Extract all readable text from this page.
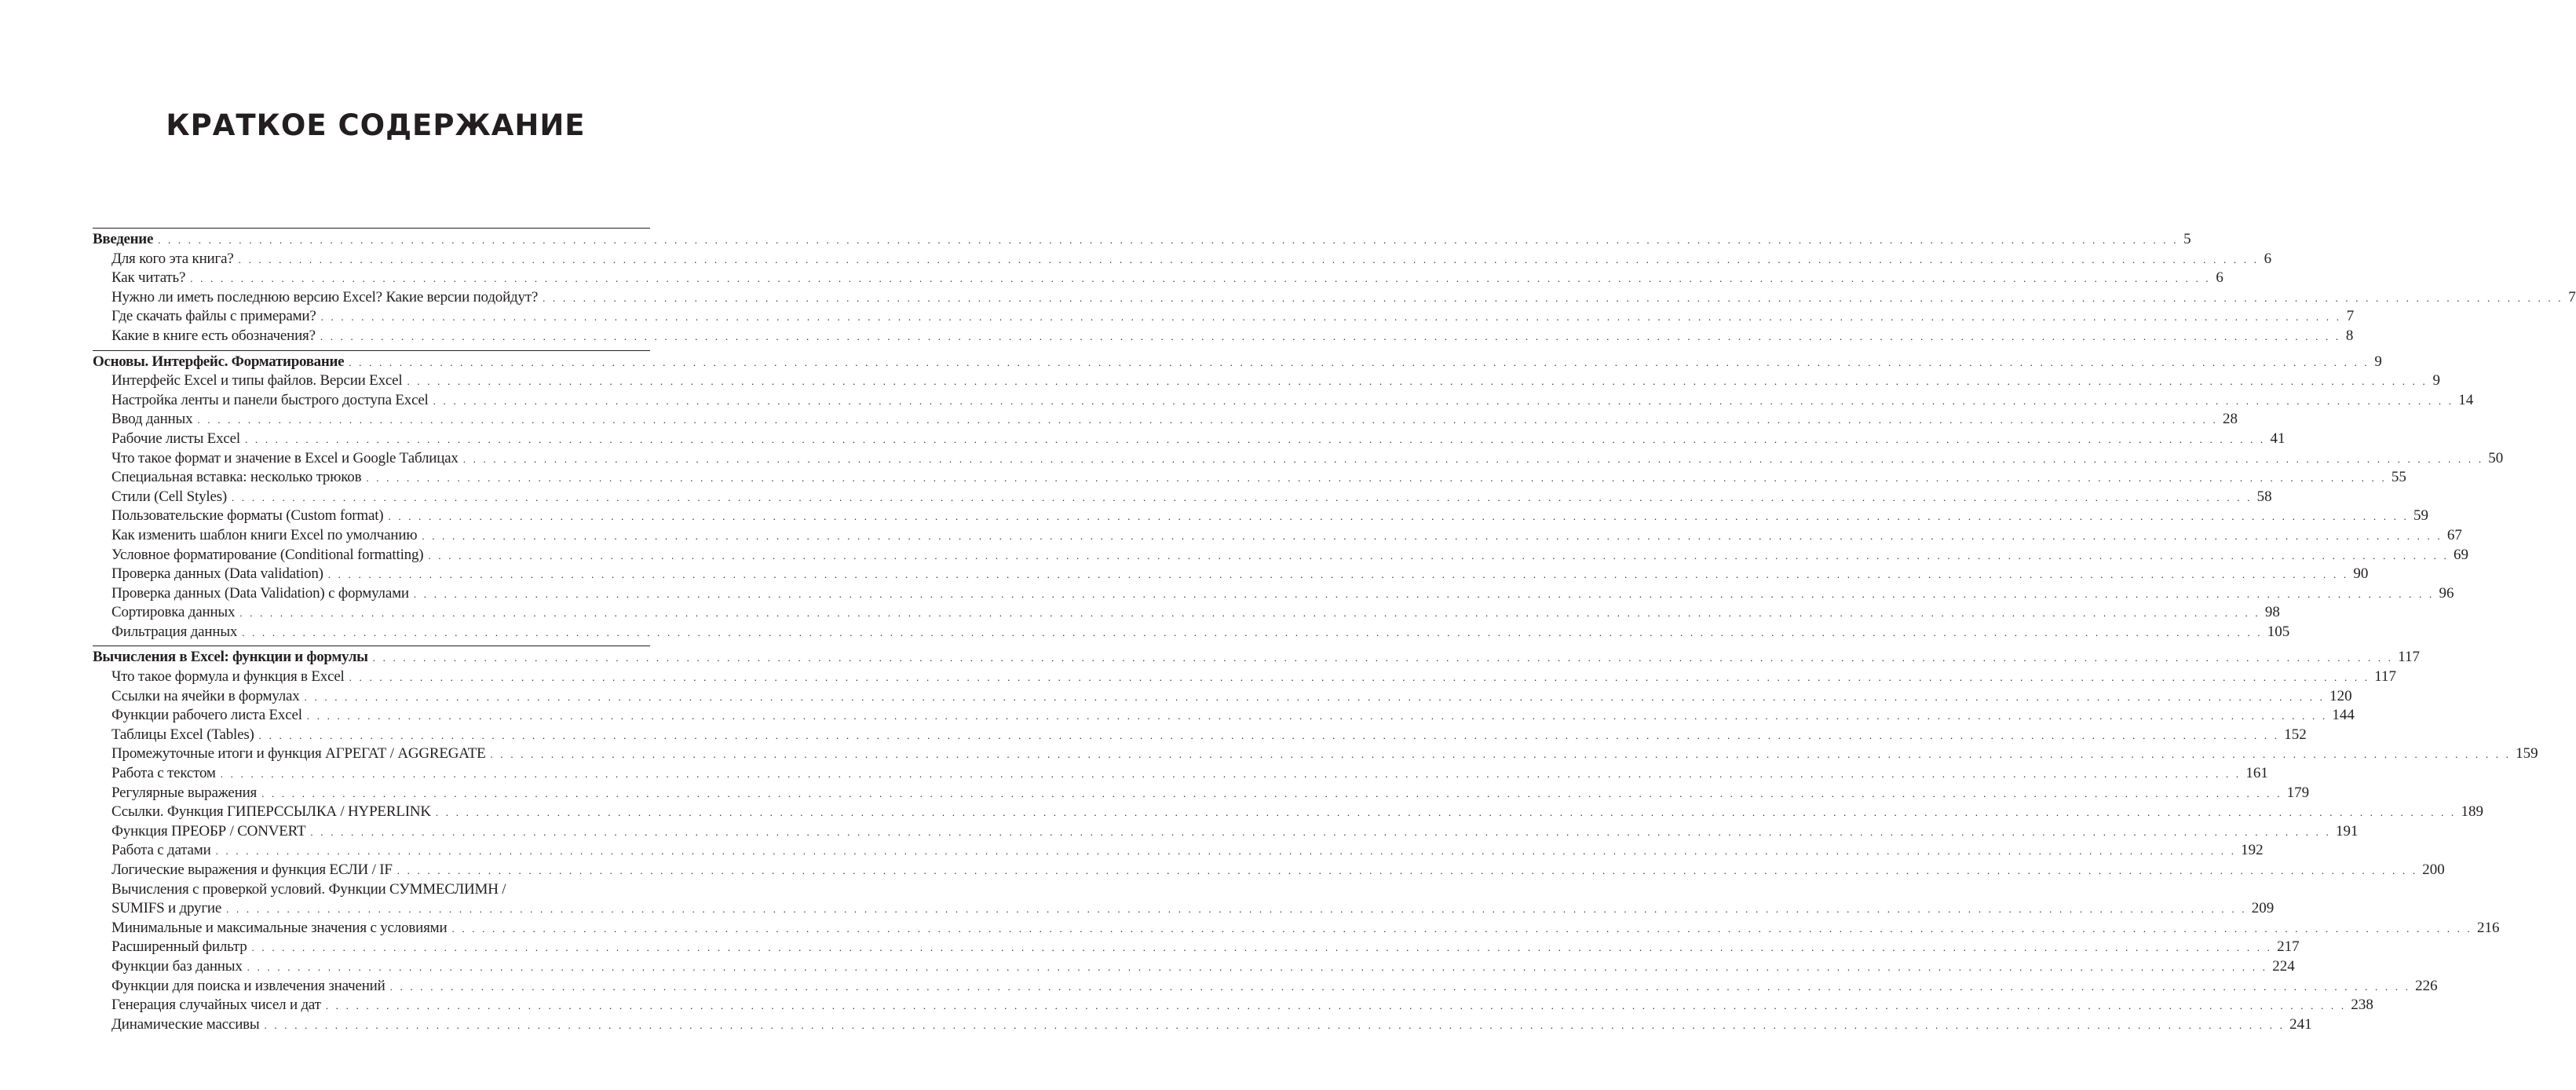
КРАТКОЕ СОДЕРЖАНИЕ
Введение . . . . . . . . . . . . . . . . . . . . . . . . . . . . . . . . . . . . . . . . . . . . . . . . . . . . . . . . . . . . . . . . . . . . . . . . . . . . . . . . . . . . . . . . . . . . . . . . . . . . . . . . . . . . . . . . . . . . . . . . . . . . . . . . . . . . . . . . . . . . . . . . . . . . . . . . . . . . . . . . . . . . . . . . . . . . . . . . . . . . . . . . . . . . . . . . . . . . . . . . 5
Для кого эта книга? . . . . . . . . . . . . . . . . . . . . . . . . . . . . . . . . . . . . . . . . . . . . . . . . . . . . . . . . . . . . . . . . . . . . . . . . . . . . . . . . . . . . . . . . . . . . . . . . . . . . . . . . . . . . . . . . . . . . . . . . . . . . . . . . . . . . . . . . . . . . . . . . . . . . . . . . . . . . . . . . . . . . . . . . . . . . . . . . . . . . . . . . . . . . . . . . . . . . . . . . 6
Как читать? . . . . . . . . . . . . . . . . . . . . . . . . . . . . . . . . . . . . . . . . . . . . . . . . . . . . . . . . . . . . . . . . . . . . . . . . . . . . . . . . . . . . . . . . . . . . . . . . . . . . . . . . . . . . . . . . . . . . . . . . . . . . . . . . . . . . . . . . . . . . . . . . . . . . . . . . . . . . . . . . . . . . . . . . . . . . . . . . . . . . . . . . . . . . . . . . . . . . . . . . 6
Нужно ли иметь последнюю версию Excel? Какие версии подойдут? . . . . . . . . . . . . . . . . . . . . . . . . . . . . . . . . . . . . . . . . . . . . . . . . . . . . . . . . . . . . . . . . . . . . . . . . . . . . . . . . . . . . . . . . . . . . . . . . . . . . . . . . . . . . . . . . . . . . . . . . . . . . . . . . . . . . . . . . . . . . . . . . . . . . . . . . . . . . . . . . . . . . . . . . . . . . . . . . . . . . . . . . . . . . . . . . . . . . . . . . 7
Где скачать файлы с примерами? . . . . . . . . . . . . . . . . . . . . . . . . . . . . . . . . . . . . . . . . . . . . . . . . . . . . . . . . . . . . . . . . . . . . . . . . . . . . . . . . . . . . . . . . . . . . . . . . . . . . . . . . . . . . . . . . . . . . . . . . . . . . . . . . . . . . . . . . . . . . . . . . . . . . . . . . . . . . . . . . . . . . . . . . . . . . . . . . . . . . . . . . . . . . . . . . . . . . . . . . 7
Какие в книге есть обозначения? . . . . . . . . . . . . . . . . . . . . . . . . . . . . . . . . . . . . . . . . . . . . . . . . . . . . . . . . . . . . . . . . . . . . . . . . . . . . . . . . . . . . . . . . . . . . . . . . . . . . . . . . . . . . . . . . . . . . . . . . . . . . . . . . . . . . . . . . . . . . . . . . . . . . . . . . . . . . . . . . . . . . . . . . . . . . . . . . . . . . . . . . . . . . . . . . . . . . . . . . 8
Основы. Интерфейс. Форматирование . . . . . . . . . . . . . . . . . . . . . . . . . . . . . . . . . . . . . . . . . . . . . . . . . . . . . . . . . . . . . . . . . . . . . . . . . . . . . . . . . . . . . . . . . . . . . . . . . . . . . . . . . . . . . . . . . . . . . . . . . . . . . . . . . . . . . . . . . . . . . . . . . . . . . . . . . . . . . . . . . . . . . . . . . . . . . . . . . . . . . . . . . . . . . . . . . . . . . . . . 9
Интерфейс Excel и типы файлов. Версии Excel . . . . . . . . . . . . . . . . . . . . . . . . . . . . . . . . . . . . . . . . . . . . . . . . . . . . . . . . . . . . . . . . . . . . . . . . . . . . . . . . . . . . . . . . . . . . . . . . . . . . . . . . . . . . . . . . . . . . . . . . . . . . . . . . . . . . . . . . . . . . . . . . . . . . . . . . . . . . . . . . . . . . . . . . . . . . . . . . . . . . . . . . . . . . . . . . . . . . . . . . 9
Настройка ленты и панели быстрого доступа Excel . . . . . . . . . . . . . . . . . . . . . . . . . . . . . . . . . . . . . . . . . . . . . . . . . . . . . . . . . . . . . . . . . . . . . . . . . . . . . . . . . . . . . . . . . . . . . . . . . . . . . . . . . . . . . . . . . . . . . . . . . . . . . . . . . . . . . . . . . . . . . . . . . . . . . . . . . . . . . . . . . . . . . . . . . . . . . . . . . . . . . . . . . . . . . . . . . . . . . . . . 14
Ввод данных . . . . . . . . . . . . . . . . . . . . . . . . . . . . . . . . . . . . . . . . . . . . . . . . . . . . . . . . . . . . . . . . . . . . . . . . . . . . . . . . . . . . . . . . . . . . . . . . . . . . . . . . . . . . . . . . . . . . . . . . . . . . . . . . . . . . . . . . . . . . . . . . . . . . . . . . . . . . . . . . . . . . . . . . . . . . . . . . . . . . . . . . . . . . . . . . . . . . . . . . 28
Рабочие листы Excel . . . . . . . . . . . . . . . . . . . . . . . . . . . . . . . . . . . . . . . . . . . . . . . . . . . . . . . . . . . . . . . . . . . . . . . . . . . . . . . . . . . . . . . . . . . . . . . . . . . . . . . . . . . . . . . . . . . . . . . . . . . . . . . . . . . . . . . . . . . . . . . . . . . . . . . . . . . . . . . . . . . . . . . . . . . . . . . . . . . . . . . . . . . . . . . . . . . . . . . . 41
Что такое формат и значение в Excel и Google Таблицах . . . . . . . . . . . . . . . . . . . . . . . . . . . . . . . . . . . . . . . . . . . . . . . . . . . . . . . . . . . . . . . . . . . . . . . . . . . . . . . . . . . . . . . . . . . . . . . . . . . . . . . . . . . . . . . . . . . . . . . . . . . . . . . . . . . . . . . . . . . . . . . . . . . . . . . . . . . . . . . . . . . . . . . . . . . . . . . . . . . . . . . . . . . . . . . . . . . . . . . . 50
Специальная вставка: несколько трюков . . . . . . . . . . . . . . . . . . . . . . . . . . . . . . . . . . . . . . . . . . . . . . . . . . . . . . . . . . . . . . . . . . . . . . . . . . . . . . . . . . . . . . . . . . . . . . . . . . . . . . . . . . . . . . . . . . . . . . . . . . . . . . . . . . . . . . . . . . . . . . . . . . . . . . . . . . . . . . . . . . . . . . . . . . . . . . . . . . . . . . . . . . . . . . . . . . . . . . . . 55
Стили (Cell Styles) . . . . . . . . . . . . . . . . . . . . . . . . . . . . . . . . . . . . . . . . . . . . . . . . . . . . . . . . . . . . . . . . . . . . . . . . . . . . . . . . . . . . . . . . . . . . . . . . . . . . . . . . . . . . . . . . . . . . . . . . . . . . . . . . . . . . . . . . . . . . . . . . . . . . . . . . . . . . . . . . . . . . . . . . . . . . . . . . . . . . . . . . . . . . . . . . . . . . . . . . 58
Пользовательские форматы (Custom format) . . . . . . . . . . . . . . . . . . . . . . . . . . . . . . . . . . . . . . . . . . . . . . . . . . . . . . . . . . . . . . . . . . . . . . . . . . . . . . . . . . . . . . . . . . . . . . . . . . . . . . . . . . . . . . . . . . . . . . . . . . . . . . . . . . . . . . . . . . . . . . . . . . . . . . . . . . . . . . . . . . . . . . . . . . . . . . . . . . . . . . . . . . . . . . . . . . . . . . . . 59
Как изменить шаблон книги Excel по умолчанию . . . . . . . . . . . . . . . . . . . . . . . . . . . . . . . . . . . . . . . . . . . . . . . . . . . . . . . . . . . . . . . . . . . . . . . . . . . . . . . . . . . . . . . . . . . . . . . . . . . . . . . . . . . . . . . . . . . . . . . . . . . . . . . . . . . . . . . . . . . . . . . . . . . . . . . . . . . . . . . . . . . . . . . . . . . . . . . . . . . . . . . . . . . . . . . . . . . . . . . . 67
Условное форматирование (Conditional formatting) . . . . . . . . . . . . . . . . . . . . . . . . . . . . . . . . . . . . . . . . . . . . . . . . . . . . . . . . . . . . . . . . . . . . . . . . . . . . . . . . . . . . . . . . . . . . . . . . . . . . . . . . . . . . . . . . . . . . . . . . . . . . . . . . . . . . . . . . . . . . . . . . . . . . . . . . . . . . . . . . . . . . . . . . . . . . . . . . . . . . . . . . . . . . . . . . . . . . . . . . 69
Проверка данных (Data validation) . . . . . . . . . . . . . . . . . . . . . . . . . . . . . . . . . . . . . . . . . . . . . . . . . . . . . . . . . . . . . . . . . . . . . . . . . . . . . . . . . . . . . . . . . . . . . . . . . . . . . . . . . . . . . . . . . . . . . . . . . . . . . . . . . . . . . . . . . . . . . . . . . . . . . . . . . . . . . . . . . . . . . . . . . . . . . . . . . . . . . . . . . . . . . . . . . . . . . . . . 90
Проверка данных (Data Validation) с формулами . . . . . . . . . . . . . . . . . . . . . . . . . . . . . . . . . . . . . . . . . . . . . . . . . . . . . . . . . . . . . . . . . . . . . . . . . . . . . . . . . . . . . . . . . . . . . . . . . . . . . . . . . . . . . . . . . . . . . . . . . . . . . . . . . . . . . . . . . . . . . . . . . . . . . . . . . . . . . . . . . . . . . . . . . . . . . . . . . . . . . . . . . . . . . . . . . . . . . . . . 96
Сортировка данных . . . . . . . . . . . . . . . . . . . . . . . . . . . . . . . . . . . . . . . . . . . . . . . . . . . . . . . . . . . . . . . . . . . . . . . . . . . . . . . . . . . . . . . . . . . . . . . . . . . . . . . . . . . . . . . . . . . . . . . . . . . . . . . . . . . . . . . . . . . . . . . . . . . . . . . . . . . . . . . . . . . . . . . . . . . . . . . . . . . . . . . . . . . . . . . . . . . . . . . . 98
Фильтрация данных . . . . . . . . . . . . . . . . . . . . . . . . . . . . . . . . . . . . . . . . . . . . . . . . . . . . . . . . . . . . . . . . . . . . . . . . . . . . . . . . . . . . . . . . . . . . . . . . . . . . . . . . . . . . . . . . . . . . . . . . . . . . . . . . . . . . . . . . . . . . . . . . . . . . . . . . . . . . . . . . . . . . . . . . . . . . . . . . . . . . . . . . . . . . . . . . . . . . . . . . 105
Вычисления в Excel: функции и формулы . . . . . . . . . . . . . . . . . . . . . . . . . . . . . . . . . . . . . . . . . . . . . . . . . . . . . . . . . . . . . . . . . . . . . . . . . . . . . . . . . . . . . . . . . . . . . . . . . . . . . . . . . . . . . . . . . . . . . . . . . . . . . . . . . . . . . . . . . . . . . . . . . . . . . . . . . . . . . . . . . . . . . . . . . . . . . . . . . . . . . . . . . . . . . . . . . . . . . . . . 117
Что такое формула и функция в Excel . . . . . . . . . . . . . . . . . . . . . . . . . . . . . . . . . . . . . . . . . . . . . . . . . . . . . . . . . . . . . . . . . . . . . . . . . . . . . . . . . . . . . . . . . . . . . . . . . . . . . . . . . . . . . . . . . . . . . . . . . . . . . . . . . . . . . . . . . . . . . . . . . . . . . . . . . . . . . . . . . . . . . . . . . . . . . . . . . . . . . . . . . . . . . . . . . . . . . . . . 117
Ссылки на ячейки в формулах . . . . . . . . . . . . . . . . . . . . . . . . . . . . . . . . . . . . . . . . . . . . . . . . . . . . . . . . . . . . . . . . . . . . . . . . . . . . . . . . . . . . . . . . . . . . . . . . . . . . . . . . . . . . . . . . . . . . . . . . . . . . . . . . . . . . . . . . . . . . . . . . . . . . . . . . . . . . . . . . . . . . . . . . . . . . . . . . . . . . . . . . . . . . . . . . . . . . . . . . 120
Функции рабочего листа Excel . . . . . . . . . . . . . . . . . . . . . . . . . . . . . . . . . . . . . . . . . . . . . . . . . . . . . . . . . . . . . . . . . . . . . . . . . . . . . . . . . . . . . . . . . . . . . . . . . . . . . . . . . . . . . . . . . . . . . . . . . . . . . . . . . . . . . . . . . . . . . . . . . . . . . . . . . . . . . . . . . . . . . . . . . . . . . . . . . . . . . . . . . . . . . . . . . . . . . . . . 144
Таблицы Excel (Tables) . . . . . . . . . . . . . . . . . . . . . . . . . . . . . . . . . . . . . . . . . . . . . . . . . . . . . . . . . . . . . . . . . . . . . . . . . . . . . . . . . . . . . . . . . . . . . . . . . . . . . . . . . . . . . . . . . . . . . . . . . . . . . . . . . . . . . . . . . . . . . . . . . . . . . . . . . . . . . . . . . . . . . . . . . . . . . . . . . . . . . . . . . . . . . . . . . . . . . . . . 152
Промежуточные итоги и функция АГРЕГАТ / AGGREGATE . . . . . . . . . . . . . . . . . . . . . . . . . . . . . . . . . . . . . . . . . . . . . . . . . . . . . . . . . . . . . . . . . . . . . . . . . . . . . . . . . . . . . . . . . . . . . . . . . . . . . . . . . . . . . . . . . . . . . . . . . . . . . . . . . . . . . . . . . . . . . . . . . . . . . . . . . . . . . . . . . . . . . . . . . . . . . . . . . . . . . . . . . . . . . . . . . . . . . . . . 159
Работа с текстом . . . . . . . . . . . . . . . . . . . . . . . . . . . . . . . . . . . . . . . . . . . . . . . . . . . . . . . . . . . . . . . . . . . . . . . . . . . . . . . . . . . . . . . . . . . . . . . . . . . . . . . . . . . . . . . . . . . . . . . . . . . . . . . . . . . . . . . . . . . . . . . . . . . . . . . . . . . . . . . . . . . . . . . . . . . . . . . . . . . . . . . . . . . . . . . . . . . . . . . . 161
Регулярные выражения . . . . . . . . . . . . . . . . . . . . . . . . . . . . . . . . . . . . . . . . . . . . . . . . . . . . . . . . . . . . . . . . . . . . . . . . . . . . . . . . . . . . . . . . . . . . . . . . . . . . . . . . . . . . . . . . . . . . . . . . . . . . . . . . . . . . . . . . . . . . . . . . . . . . . . . . . . . . . . . . . . . . . . . . . . . . . . . . . . . . . . . . . . . . . . . . . . . . . . . . 179
Ссылки. Функция ГИПЕРССЫЛКА / HYPERLINK . . . . . . . . . . . . . . . . . . . . . . . . . . . . . . . . . . . . . . . . . . . . . . . . . . . . . . . . . . . . . . . . . . . . . . . . . . . . . . . . . . . . . . . . . . . . . . . . . . . . . . . . . . . . . . . . . . . . . . . . . . . . . . . . . . . . . . . . . . . . . . . . . . . . . . . . . . . . . . . . . . . . . . . . . . . . . . . . . . . . . . . . . . . . . . . . . . . . . . . . 189
Функция ПРЕОБР / CONVERT . . . . . . . . . . . . . . . . . . . . . . . . . . . . . . . . . . . . . . . . . . . . . . . . . . . . . . . . . . . . . . . . . . . . . . . . . . . . . . . . . . . . . . . . . . . . . . . . . . . . . . . . . . . . . . . . . . . . . . . . . . . . . . . . . . . . . . . . . . . . . . . . . . . . . . . . . . . . . . . . . . . . . . . . . . . . . . . . . . . . . . . . . . . . . . . . . . . . . . . . 191
Работа с датами . . . . . . . . . . . . . . . . . . . . . . . . . . . . . . . . . . . . . . . . . . . . . . . . . . . . . . . . . . . . . . . . . . . . . . . . . . . . . . . . . . . . . . . . . . . . . . . . . . . . . . . . . . . . . . . . . . . . . . . . . . . . . . . . . . . . . . . . . . . . . . . . . . . . . . . . . . . . . . . . . . . . . . . . . . . . . . . . . . . . . . . . . . . . . . . . . . . . . . . . 192
Логические выражения и функция ЕСЛИ / IF . . . . . . . . . . . . . . . . . . . . . . . . . . . . . . . . . . . . . . . . . . . . . . . . . . . . . . . . . . . . . . . . . . . . . . . . . . . . . . . . . . . . . . . . . . . . . . . . . . . . . . . . . . . . . . . . . . . . . . . . . . . . . . . . . . . . . . . . . . . . . . . . . . . . . . . . . . . . . . . . . . . . . . . . . . . . . . . . . . . . . . . . . . . . . . . . . . . . . . . . 200
Вычисления с проверкой условий. Функции СУММЕСЛИМН /
SUMIFS и другие . . . . . . . . . . . . . . . . . . . . . . . . . . . . . . . . . . . . . . . . . . . . . . . . . . . . . . . . . . . . . . . . . . . . . . . . . . . . . . . . . . . . . . . . . . . . . . . . . . . . . . . . . . . . . . . . . . . . . . . . . . . . . . . . . . . . . . . . . . . . . . . . . . . . . . . . . . . . . . . . . . . . . . . . . . . . . . . . . . . . . . . . . . . . . . . . . . . . . . . . 209
Минимальные и максимальные значения с условиями . . . . . . . . . . . . . . . . . . . . . . . . . . . . . . . . . . . . . . . . . . . . . . . . . . . . . . . . . . . . . . . . . . . . . . . . . . . . . . . . . . . . . . . . . . . . . . . . . . . . . . . . . . . . . . . . . . . . . . . . . . . . . . . . . . . . . . . . . . . . . . . . . . . . . . . . . . . . . . . . . . . . . . . . . . . . . . . . . . . . . . . . . . . . . . . . . . . . . . . . 216
Расширенный фильтр . . . . . . . . . . . . . . . . . . . . . . . . . . . . . . . . . . . . . . . . . . . . . . . . . . . . . . . . . . . . . . . . . . . . . . . . . . . . . . . . . . . . . . . . . . . . . . . . . . . . . . . . . . . . . . . . . . . . . . . . . . . . . . . . . . . . . . . . . . . . . . . . . . . . . . . . . . . . . . . . . . . . . . . . . . . . . . . . . . . . . . . . . . . . . . . . . . . . . . . . 217
Функции баз данных . . . . . . . . . . . . . . . . . . . . . . . . . . . . . . . . . . . . . . . . . . . . . . . . . . . . . . . . . . . . . . . . . . . . . . . . . . . . . . . . . . . . . . . . . . . . . . . . . . . . . . . . . . . . . . . . . . . . . . . . . . . . . . . . . . . . . . . . . . . . . . . . . . . . . . . . . . . . . . . . . . . . . . . . . . . . . . . . . . . . . . . . . . . . . . . . . . . . . . . . 224
Функции для поиска и извлечения значений . . . . . . . . . . . . . . . . . . . . . . . . . . . . . . . . . . . . . . . . . . . . . . . . . . . . . . . . . . . . . . . . . . . . . . . . . . . . . . . . . . . . . . . . . . . . . . . . . . . . . . . . . . . . . . . . . . . . . . . . . . . . . . . . . . . . . . . . . . . . . . . . . . . . . . . . . . . . . . . . . . . . . . . . . . . . . . . . . . . . . . . . . . . . . . . . . . . . . . . . 226
Генерация случайных чисел и дат . . . . . . . . . . . . . . . . . . . . . . . . . . . . . . . . . . . . . . . . . . . . . . . . . . . . . . . . . . . . . . . . . . . . . . . . . . . . . . . . . . . . . . . . . . . . . . . . . . . . . . . . . . . . . . . . . . . . . . . . . . . . . . . . . . . . . . . . . . . . . . . . . . . . . . . . . . . . . . . . . . . . . . . . . . . . . . . . . . . . . . . . . . . . . . . . . . . . . . . . 238
Динамические массивы . . . . . . . . . . . . . . . . . . . . . . . . . . . . . . . . . . . . . . . . . . . . . . . . . . . . . . . . . . . . . . . . . . . . . . . . . . . . . . . . . . . . . . . . . . . . . . . . . . . . . . . . . . . . . . . . . . . . . . . . . . . . . . . . . . . . . . . . . . . . . . . . . . . . . . . . . . . . . . . . . . . . . . . . . . . . . . . . . . . . . . . . . . . . . . . . . . . . . . . . 241
